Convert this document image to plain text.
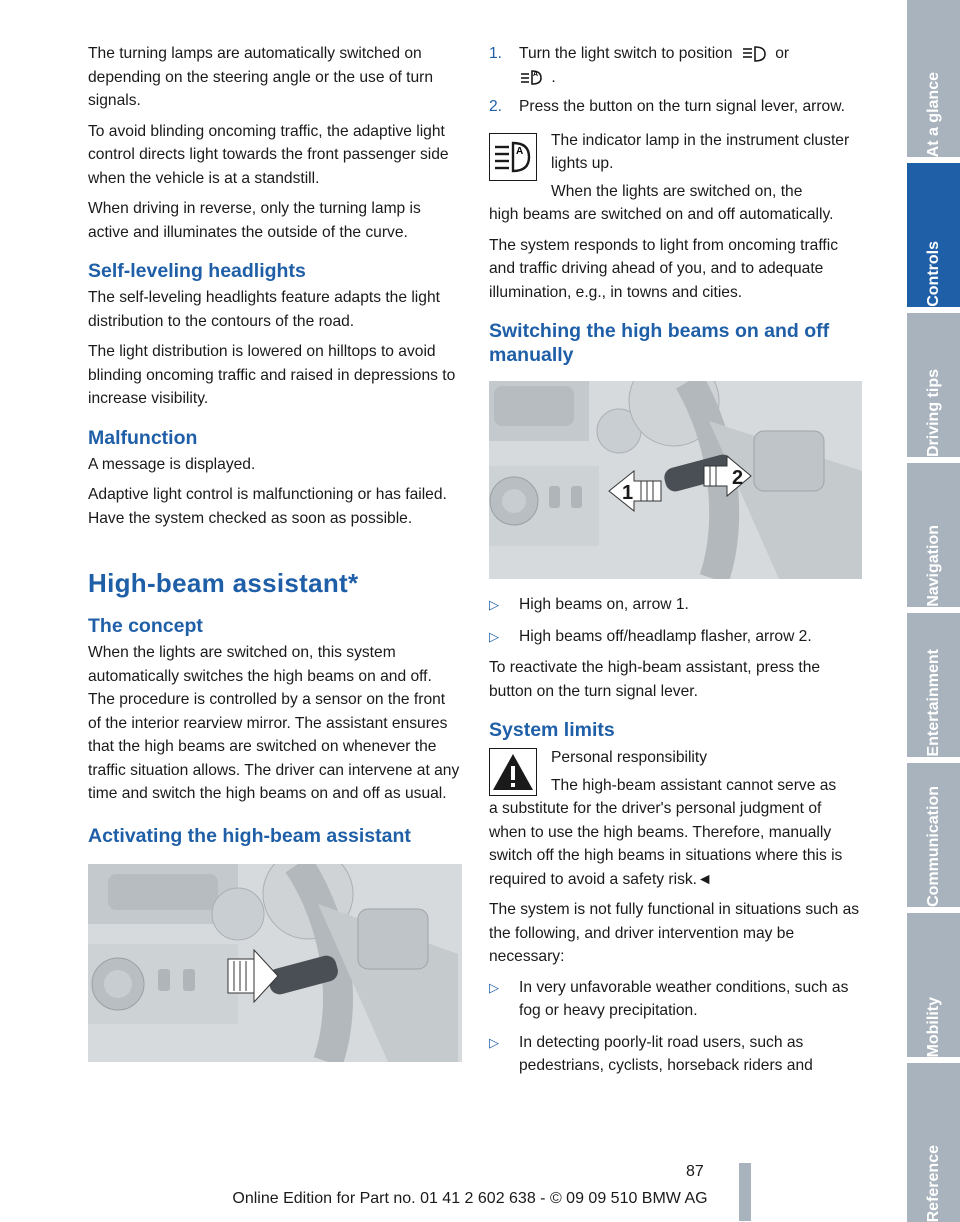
The turning lamps are automatically switched on depending on the steering angle or the use of turn signals.

To avoid blinding oncoming traffic, the adaptive light control directs light towards the front passenger side when the vehicle is at a standstill.

When driving in reverse, only the turning lamp is active and illuminates the outside of the curve.

Self-leveling headlights

The self-leveling headlights feature adapts the light distribution to the contours of the road.

The light distribution is lowered on hilltops to avoid blinding oncoming traffic and raised in depressions to increase visibility.

Malfunction

A message is displayed.

Adaptive light control is malfunctioning or has failed. Have the system checked as soon as possible.

High-beam assistant*
The concept

When the lights are switched on, this system automatically switches the high beams on and off. The procedure is controlled by a sensor on the front of the interior rearview mirror. The assistant ensures that the high beams are switched on whenever the traffic situation allows. The driver can intervene at any time and switch the high beams on and off as usual.

Activating the high-beam assistant
1.	Turn the light switch to position	or

A .
2.	Press the button on the turn signal lever, arrow.
A

The indicator lamp in the instrument cluster lights up.

When the lights are switched on, the

high beams are switched on and off automatically.

The system responds to light from oncoming traffic and traffic driving ahead of you, and to adequate illumination, e.g., in towns and cities.

Switching the high beams on and off manually
1
2
▷	High beams on, arrow 1.
▷	High beams off/headlamp flasher, arrow 2.

To reactivate the high-beam assistant, press the button on the turn signal lever.

System limits

Personal responsibility

The high-beam assistant cannot serve as

a substitute for the driver's personal judgment of when to use the high beams. Therefore, manually switch off the high beams in situations where this is required to avoid a safety risk.◄

The system is not fully functional in situations such as the following, and driver intervention may be necessary:

▷	In very unfavorable weather conditions, such as fog or heavy precipitation.
▷	In detecting poorly-lit road users, such as pedestrians, cyclists, horseback riders and
At a glance
Controls
Driving tips
Navigation
Entertainment
Communication
Mobility
Reference
87
Online Edition for Part no. 01 41 2 602 638 - © 09 09 510 BMW AG
